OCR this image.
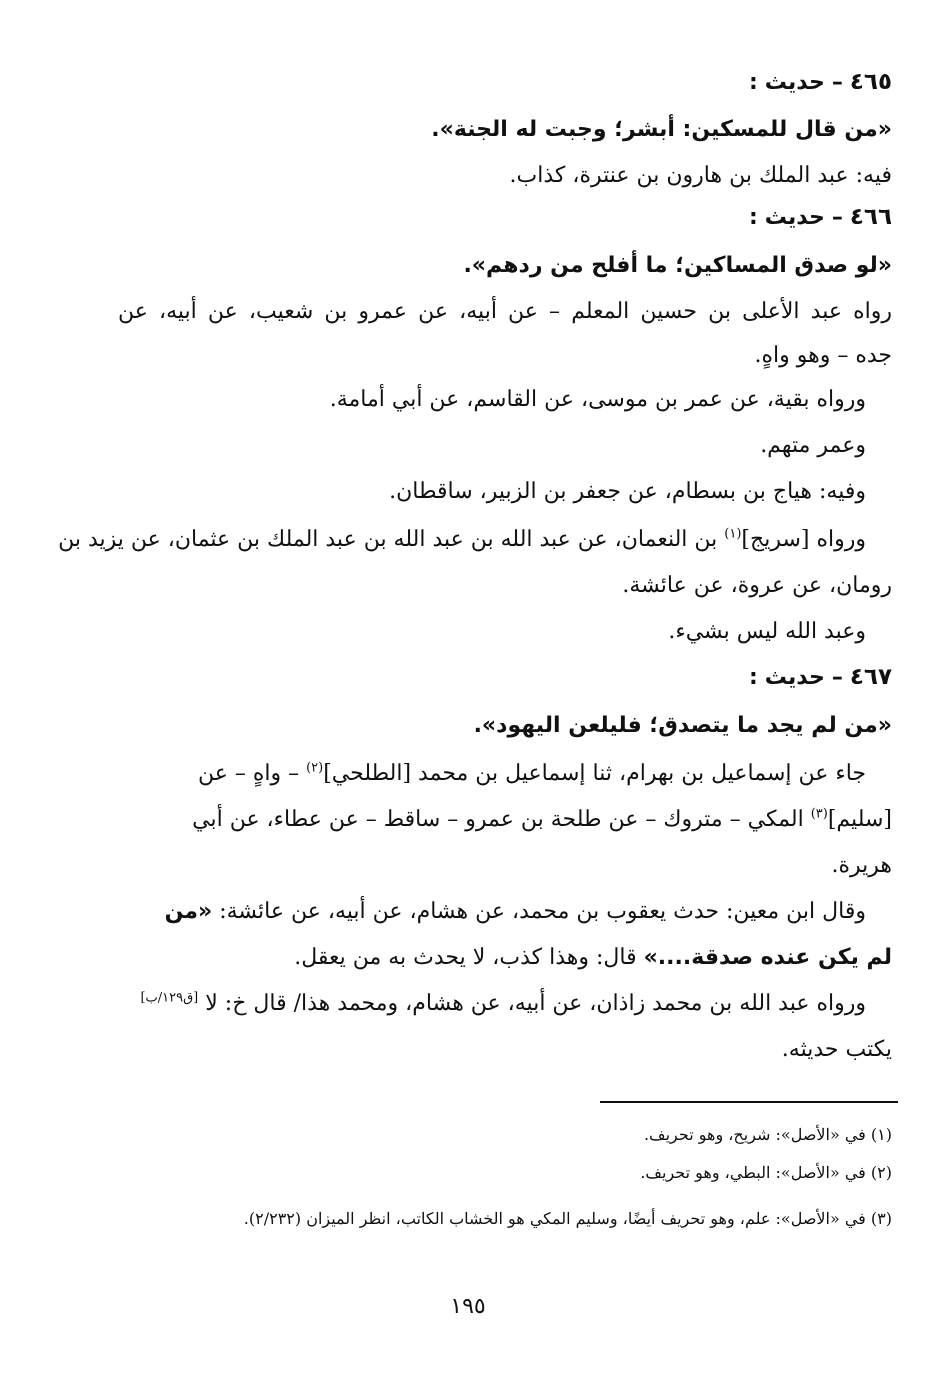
٤٦٥ – حديث :
«من قال للمسكين: أبشر؛ وجبت له الجنة».
فيه: عبد الملك بن هارون بن عنترة، كذاب.
٤٦٦ – حديث :
«لو صدق المساكين؛ ما أفلح من ردهم».
رواه عبد الأعلى بن حسين المعلم – عن أبيه، عن عمرو بن شعيب، عن أبيه، عن
جده – وهو واهٍ.
ورواه بقية، عن عمر بن موسى، عن القاسم، عن أبي أمامة.
وعمر متهم.
وفيه: هياج بن بسطام، عن جعفر بن الزبير، ساقطان.
ورواه [سريج]$^{(١)}$ بن النعمان، عن عبد الله بن عبد الله بن عبد الملك بن عثمان، عن يزيد بن
رومان، عن عروة، عن عائشة.
وعبد الله ليس بشيء.
٤٦٧ – حديث :
«من لم يجد ما يتصدق؛ فليلعن اليهود».
جاء عن إسماعيل بن بهرام، ثنا إسماعيل بن محمد [الطلحي]$^{(٢)}$ – واهٍ – عن
[سليم]$^{(٣)}$ المكي – متروك – عن طلحة بن عمرو – ساقط – عن عطاء، عن أبي
هريرة.
وقال ابن معين: حدث يعقوب بن محمد، عن هشام، عن أبيه، عن عائشة: «من
لم يكن عنده صدقة....» قال: وهذا كذب، لا يحدث به من يعقل.
ورواه عبد الله بن محمد زاذان، عن أبيه، عن هشام، ومحمد هذا/ قال خ: لا [ق١٢٩/ب]
يكتب حديثه.
(١) في «الأصل»: شريح، وهو تحريف.
(٢) في «الأصل»: البطي، وهو تحريف.
(٣) في «الأصل»: علم، وهو تحريف أيضًا، وسليم المكي هو الخشاب الكاتب، انظر الميزان (٢/٢٣٢).
١٩٥
